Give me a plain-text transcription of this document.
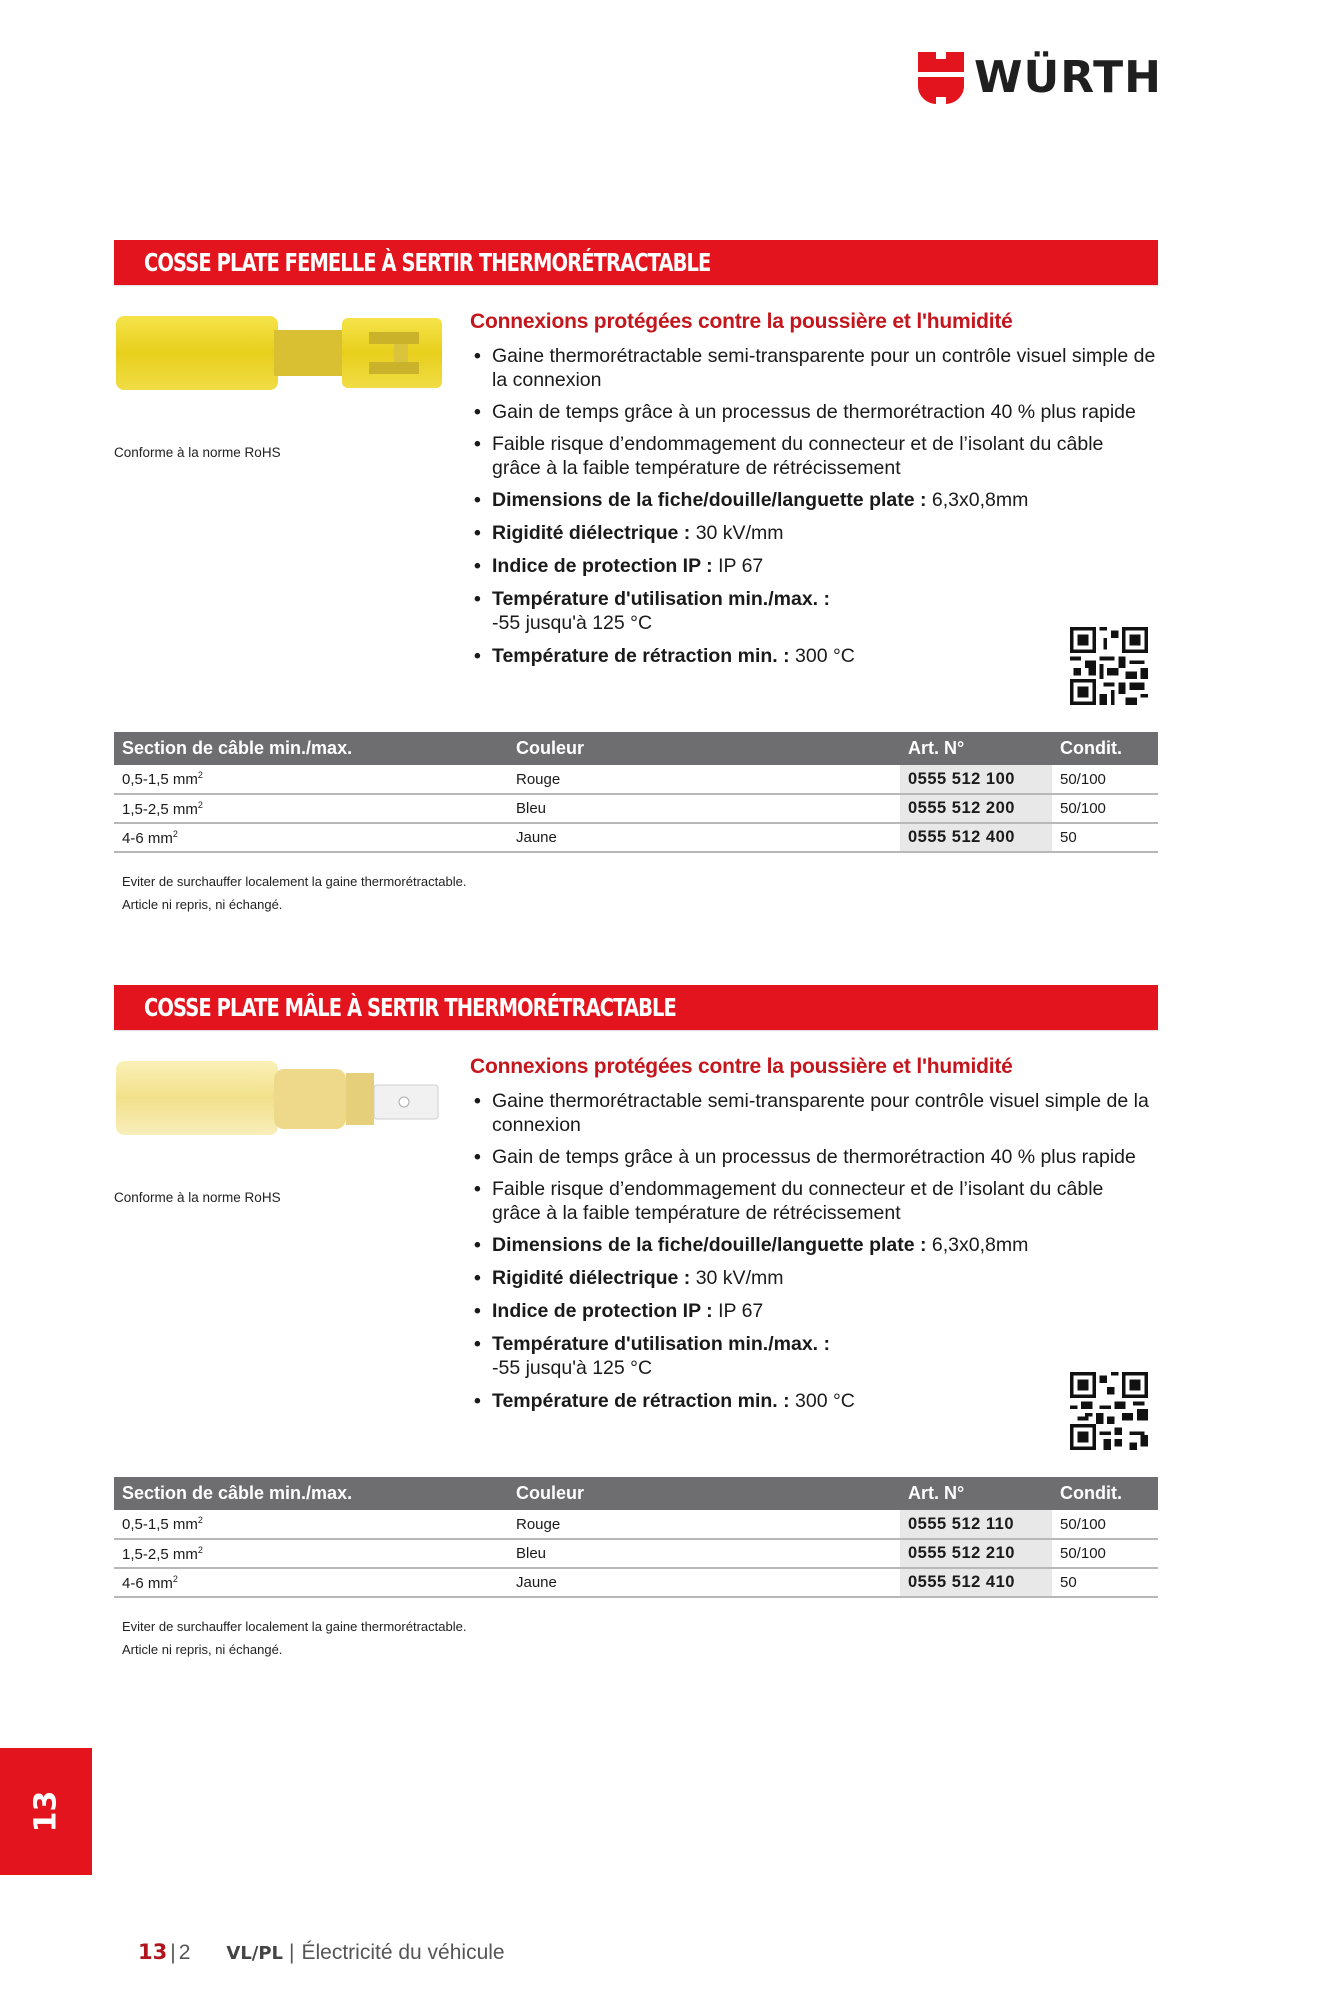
WÜRTH
COSSE PLATE FEMELLE À SERTIR THERMORÉTRACTABLE
Conforme à la norme RoHS
Connexions protégées contre la poussière et l'humidité
• Gaine thermorétractable semi-transparente pour un contrôle visuel simple de la connexion
• Gain de temps grâce à un processus de thermorétraction 40 % plus rapide
• Faible risque d’endommagement du connecteur et de l’isolant du câble grâce à la faible température de rétrécissement
• Dimensions de la fiche/douille/languette plate : 6,3x0,8mm
• Rigidité diélectrique : 30 kV/mm
• Indice de protection IP : IP 67
• Température d'utilisation min./max. :
-55 jusqu'à 125 °C
• Température de rétraction min. : 300 °C
Section de câble min./max.	Couleur	Art. N°	Condit.
0,5-1,5 $mm^2$	Rouge	0555 512 100	50/100
1,5-2,5 $mm^2$	Bleu	0555 512 200	50/100
4-6 $mm^2$	Jaune	0555 512 400	50
Eviter de surchauffer localement la gaine thermorétractable.
Article ni repris, ni échangé.
COSSE PLATE MÂLE À SERTIR THERMORÉTRACTABLE
Conforme à la norme RoHS
Connexions protégées contre la poussière et l'humidité
• Gaine thermorétractable semi-transparente pour contrôle visuel simple de la connexion
• Gain de temps grâce à un processus de thermorétraction 40 % plus rapide
• Faible risque d’endommagement du connecteur et de l’isolant du câble grâce à la faible température de rétrécissement
• Dimensions de la fiche/douille/languette plate : 6,3x0,8mm
• Rigidité diélectrique : 30 kV/mm
• Indice de protection IP : IP 67
• Température d'utilisation min./max. :
-55 jusqu'à 125 °C
• Température de rétraction min. : 300 °C
Section de câble min./max.	Couleur	Art. N°	Condit.
0,5-1,5 $mm^2$	Rouge	0555 512 110	50/100
1,5-2,5 $mm^2$	Bleu	0555 512 210	50/100
4-6 $mm^2$	Jaune	0555 512 410	50
Eviter de surchauffer localement la gaine thermorétractable.
Article ni repris, ni échangé.
13
13 | 2 VL/PL | Électricité du véhicule
